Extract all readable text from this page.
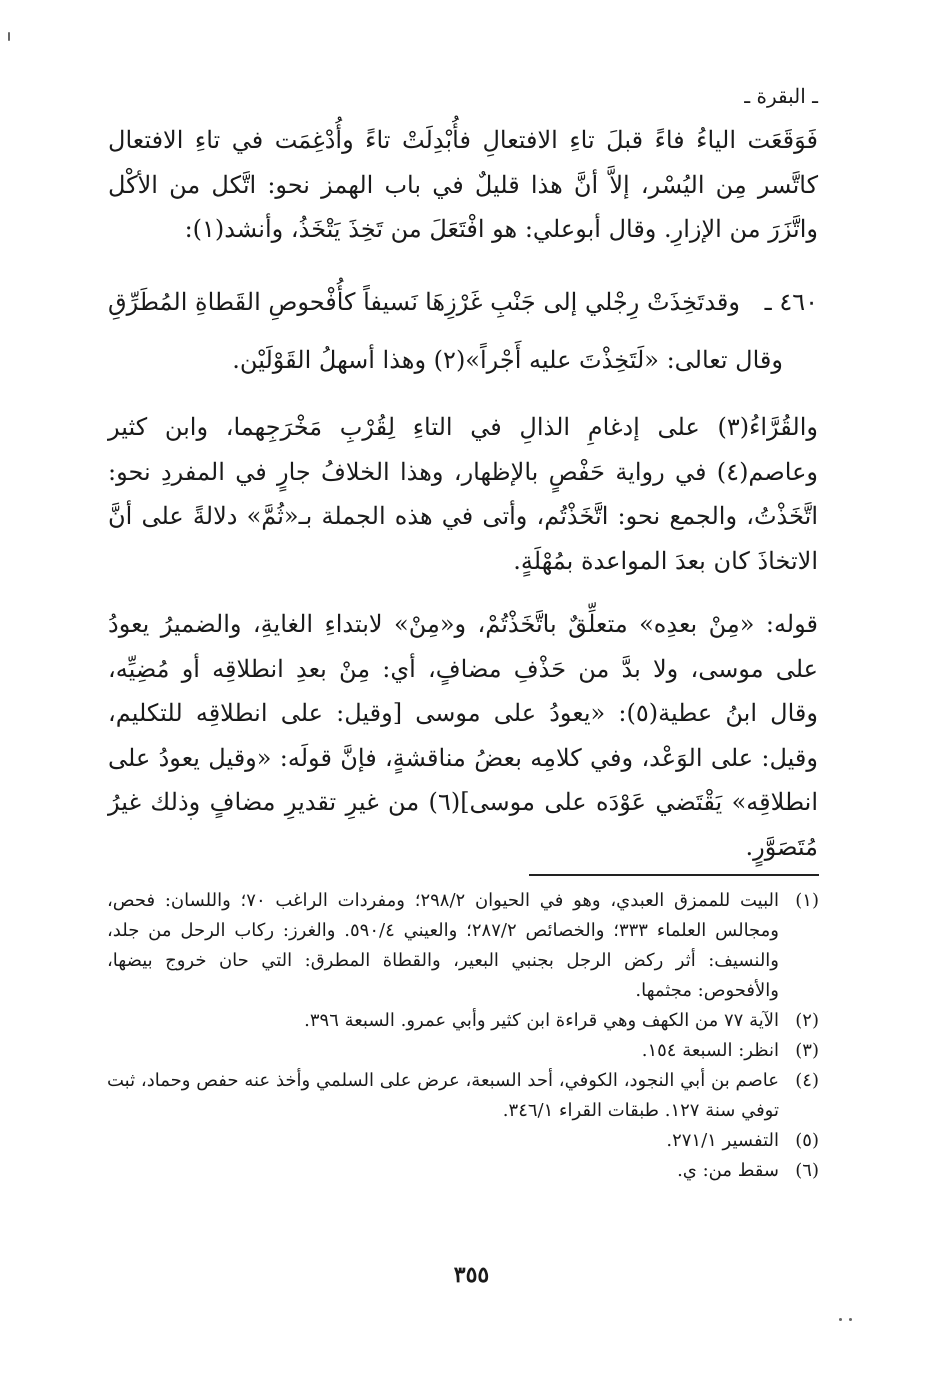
ـ البقرة ـ

فَوَقَعَت الياءُ فاءً قبلَ تاءِ الافتعالِ فأُبْدِلَتْ تاءً وأُدْغِمَت في تاءِ الافتعال كاتَّسر مِن اليُسْر، إلاَّ أنَّ هذا قليلٌ في باب الهمز نحو: اتَّكل من الأكْل واتَّزَرَ من الإزارِ. وقال أبوعلي: هو افْتَعَلَ من تَخِذَ يَتْخَذُ، وأنشد(١):

٤٦٠ ـ
وقدتَخِذَتْ رِجْلي إلى جَنْبِ غَرْزِهَا
نَسيفاً كأُفْحوصِ القَطاةِ المُطَرِّقِ
وقال تعالى: «لَتَخِذْتَ عليه أَجْراً»(٢) وهذا أسهلُ القَوْلَيْن.

والقُرَّاءُ(٣) على إدغامِ الذالِ في التاءِ لِقُرْبِ مَخْرَجِهما، وابن كثير وعاصم(٤) في رواية حَفْصٍ بالإظهار، وهذا الخلافُ جارٍ في المفردِ نحو: اتَّخَذْتُ، والجمع نحو: اتَّخَذْتُم، وأتى في هذه الجملة بـ«ثُمَّ» دلالةً على أنَّ الاتخاذَ كان بعدَ المواعدة بمُهْلَةٍ.

قوله: «مِنْ بعدِه» متعلِّقٌ باتَّخَذْتُمْ، و«مِنْ» لابتداءِ الغايةِ، والضميرُ يعودُ على موسى، ولا بدَّ من حَذْفِ مضافٍ، أي: مِنْ بعدِ انطلاقِه أو مُضِيِّه، وقال ابنُ عطية(٥): «يعودُ على موسى [وقيل: على انطلاقِه للتكليم، وقيل: على الوَعْد، وفي كلامِه بعضُ مناقشةٍ، فإنَّ قولَه: «وقيل يعودُ على انطلاقِه» يَقْتَضي عَوْدَه على موسى](٦) من غيرِ تقديرِ مضافٍ وذلك غيرُ مُتَصَوَّرٍ.

(١)
البيت للممزق العبدي، وهو في الحيوان ٢٩٨/٢؛ ومفردات الراغب ٧٠؛ واللسان: فحص، ومجالس العلماء ٣٣٣؛ والخصائص ٢٨٧/٢؛ والعيني ٥٩٠/٤. والغرز: ركاب الرحل من جلد، والنسيف: أثر ركض الرجل بجنبي البعير، والقطاة المطرق: التي حان خروج بيضها، والأفحوص: مجثمها.
(٢)
الآية ٧٧ من الكهف وهي قراءة ابن كثير وأبي عمرو. السبعة ٣٩٦.
(٣)
انظر: السبعة ١٥٤.
(٤)
عاصم بن أبي النجود، الكوفي، أحد السبعة، عرض على السلمي وأخذ عنه حفص وحماد، ثبت توفي سنة ١٢٧. طبقات القراء ٣٤٦/١.
(٥)
التفسير ٢٧١/١.
(٦)
سقط من: ي.
٣٥٥
